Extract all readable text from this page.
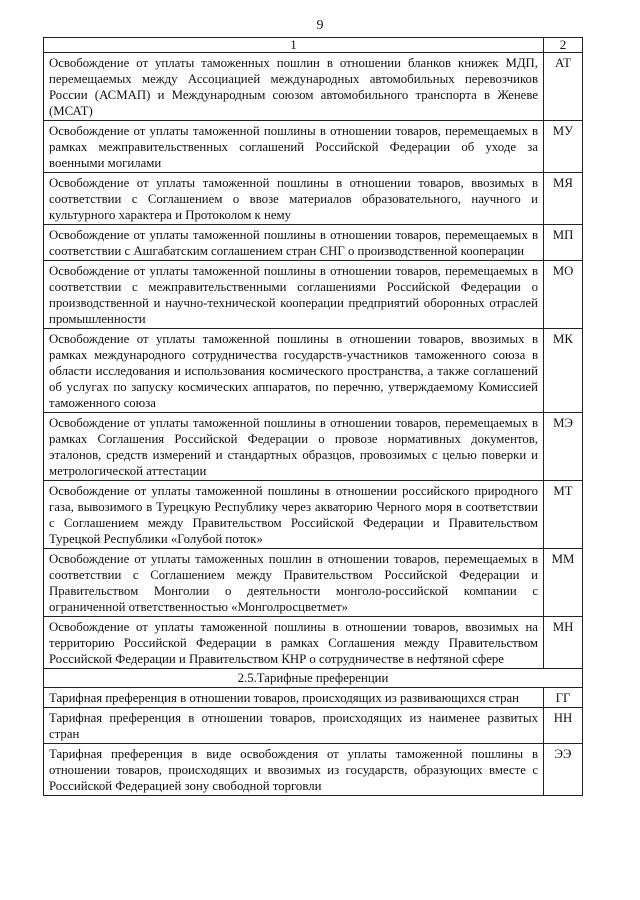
9
1	2
Освобождение от уплаты таможенных пошлин в отношении бланков книжек МДП, перемещаемых между Ассоциацией международных автомобильных перевозчиков России (АСМАП) и Международным союзом автомобильного транспорта в Женеве (МСАТ)	АТ
Освобождение от уплаты таможенной пошлины в отношении товаров, перемещаемых в рамках межправительственных соглашений Российской Федерации об уходе за военными могилами	МУ
Освобождение от уплаты таможенной пошлины в отношении товаров, ввозимых в соответствии с Соглашением о ввозе материалов образовательного, научного и культурного характера и Протоколом к нему	МЯ
Освобождение от уплаты таможенной пошлины в отношении товаров, перемещаемых в соответствии с Ашгабатским соглашением стран СНГ о производственной кооперации	МП
Освобождение от уплаты таможенной пошлины в отношении товаров, перемещаемых в соответствии с межправительственными соглашениями Российской Федерации о производственной и научно-технической кооперации предприятий оборонных отраслей промышленности	МО
Освобождение от уплаты таможенной пошлины в отношении товаров, ввозимых в рамках международного сотрудничества государств-участников таможенного союза в области исследования и использования космического пространства, а также соглашений об услугах по запуску космических аппаратов, по перечню, утверждаемому Комиссией таможенного союза	МК
Освобождение от уплаты таможенной пошлины в отношении товаров, перемещаемых в рамках Соглашения Российской Федерации о провозе нормативных документов, эталонов, средств измерений и стандартных образцов, провозимых с целью поверки и метрологической аттестации	МЭ
Освобождение от уплаты таможенной пошлины в отношении российского природного газа, вывозимого в Турецкую Республику через акваторию Черного моря в соответствии с Соглашением между Правительством Российской Федерации и Правительством Турецкой Республики «Голубой поток»	МТ
Освобождение от уплаты таможенных пошлин в отношении товаров, перемещаемых в соответствии с Соглашением между Правительством Российской Федерации и Правительством Монголии о деятельности монголо-российской компании с ограниченной ответственностью «Монголросцветмет»	ММ
Освобождение от уплаты таможенной пошлины в отношении товаров, ввозимых на территорию Российской Федерации в рамках Соглашения между Правительством Российской Федерации и Правительством КНР о сотрудничестве в нефтяной сфере	МН
2.5.Тарифные преференции	
Тарифная преференция в отношении товаров, происходящих из развивающихся стран	ГГ
Тарифная преференция в отношении товаров, происходящих из наименее развитых стран	НН
Тарифная преференция в виде освобождения от уплаты таможенной пошлины в отношении товаров, происходящих и ввозимых из государств, образующих вместе с Российской Федерацией зону свободной торговли	ЭЭ
